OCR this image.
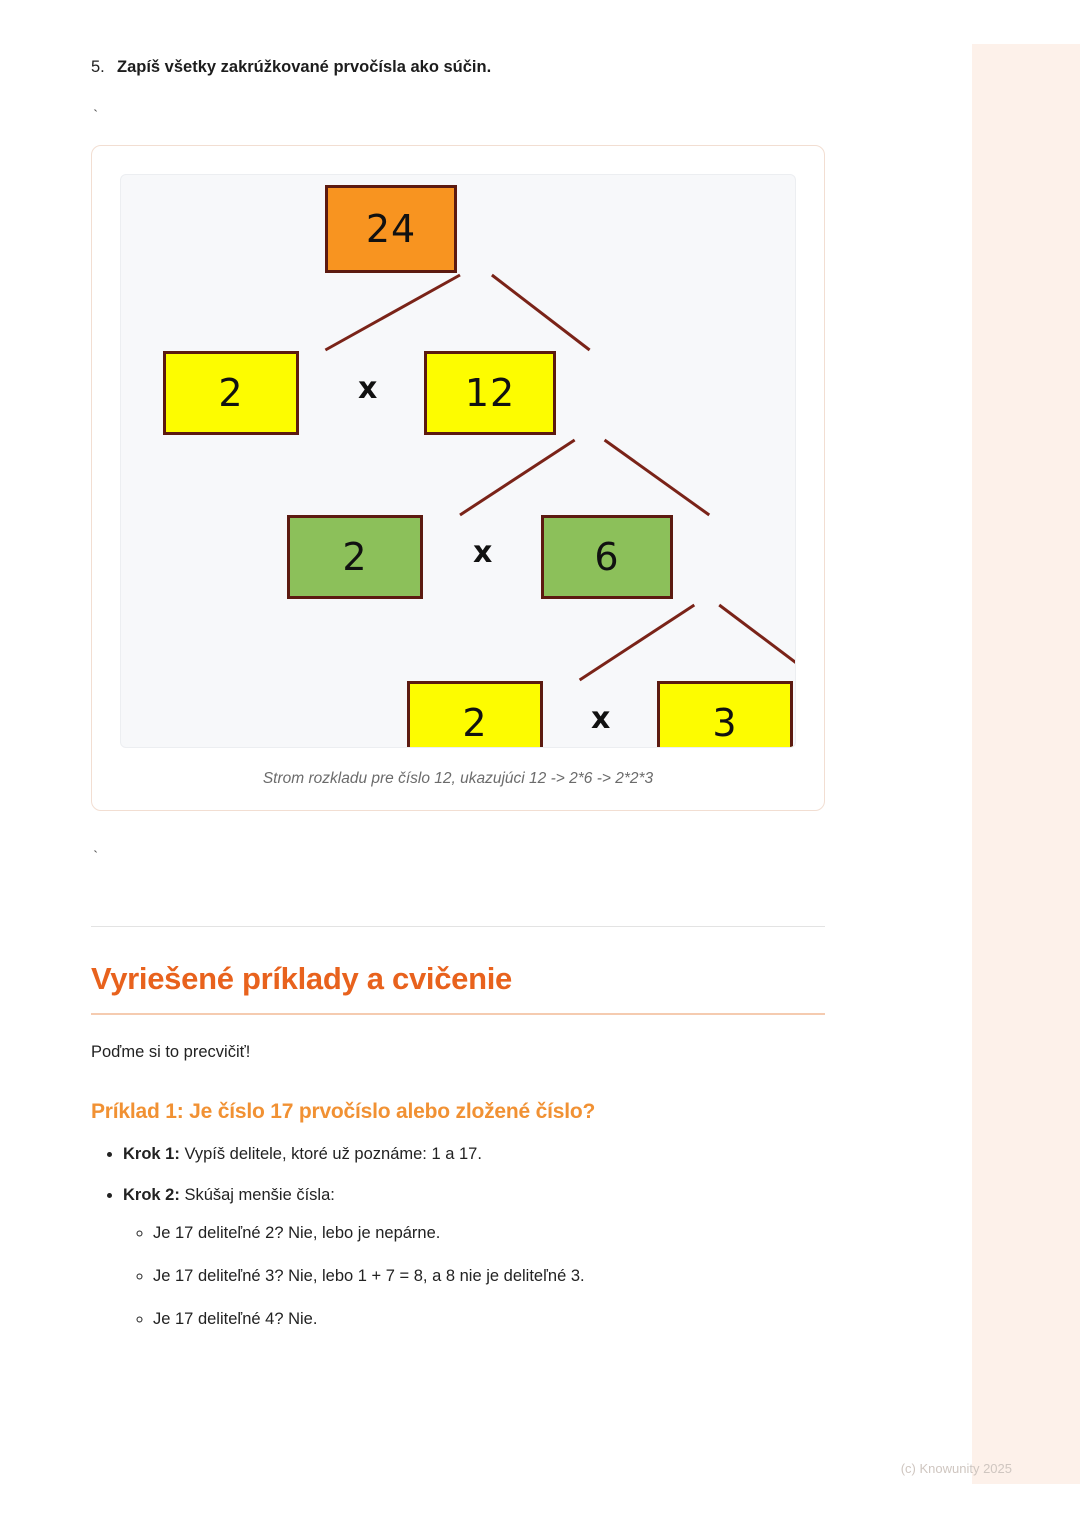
5. Zapíš všetky zakrúžkované prvočísla ako súčin.
`
24
2	x	12
2	x	6
2	x	3
Strom rozkladu pre číslo 12, ukazujúci 12 -> 2*6 -> 2*2*3
`
Vyriešené príklady a cvičenie

Poďme si to precvičiť!

Príklad 1: Je číslo 17 prvočíslo alebo zložené číslo?
• Krok 1: Vypíš delitele, ktoré už poznáme: 1 a 17.
• Krok 2: Skúšaj menšie čísla:
◦ Je 17 deliteľné 2? Nie, lebo je nepárne.
◦ Je 17 deliteľné 3? Nie, lebo 1 + 7 = 8, a 8 nie je deliteľné 3.
◦ Je 17 deliteľné 4? Nie.
(c) Knowunity 2025
